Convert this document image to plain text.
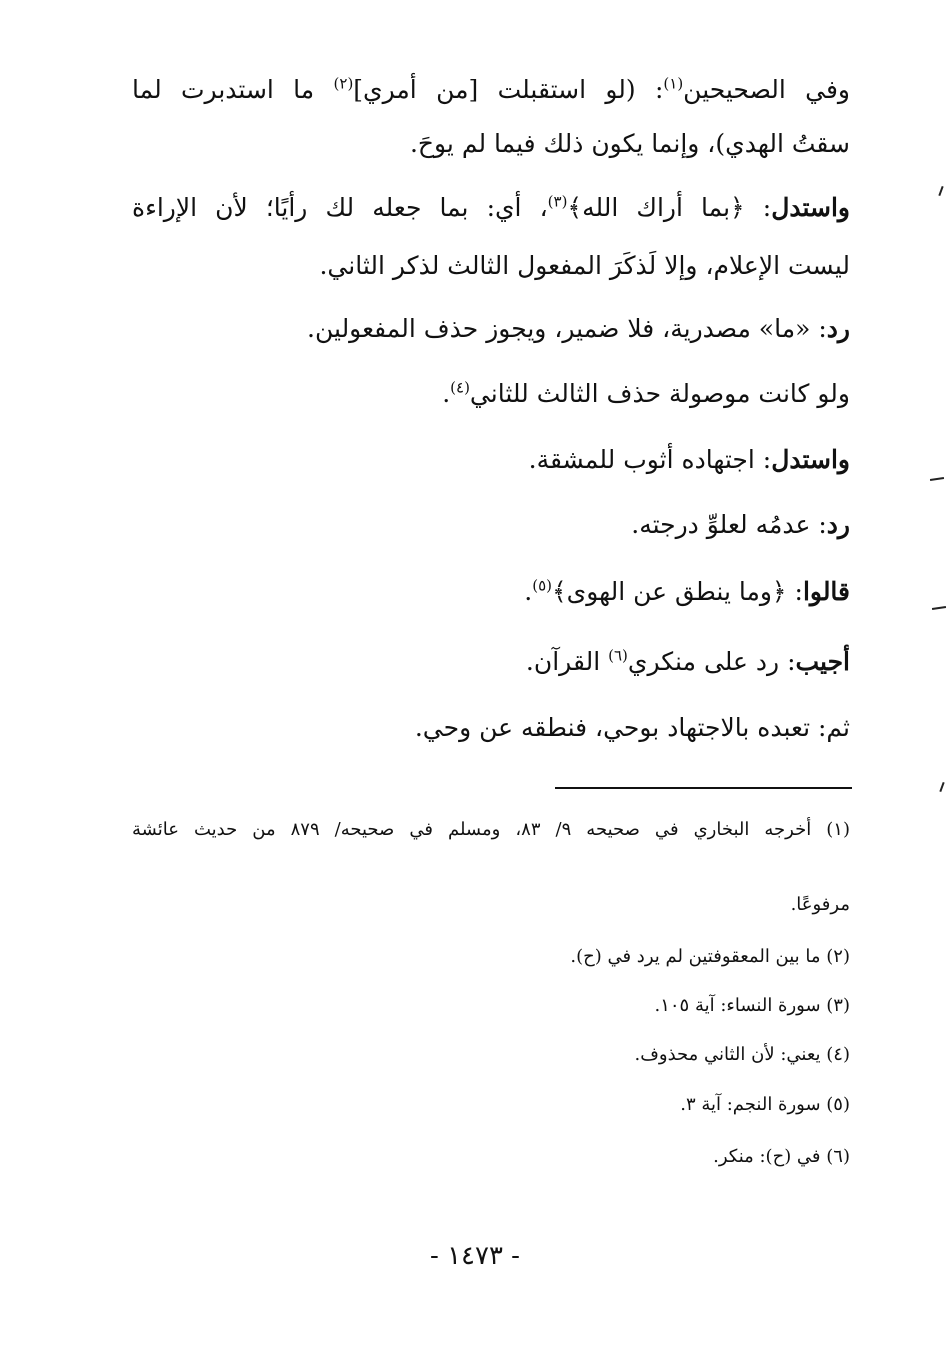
وفي الصحيحين$^{(١)}$: (لو استقبلت [من أمري]$^{(٢)}$ ما استدبرت لما
سقتُ الهدي)، وإنما يكون ذلك فيما لم يوحَ.
واستدل: ﴿بما أراك الله﴾$^{(٣)}$، أي: بما جعله لك رأيًا؛ لأن الإراءة
ليست الإعلام، وإلا لَذكَرَ المفعول الثالث لذكر الثاني.
رد: «ما» مصدرية، فلا ضمير، ويجوز حذف المفعولين.
ولو كانت موصولة حذف الثالث للثاني$^{(٤)}$.
واستدل: اجتهاده أثوب للمشقة.
رد: عدمُه لعلوِّ درجته.
قالوا: ﴿وما ينطق عن الهوى﴾$^{(٥)}$.
أجيب: رد على منكري$^{(٦)}$ القرآن.
ثم: تعبده بالاجتهاد بوحي، فنطقه عن وحي.
(١) أخرجه البخاري في صحيحه ٩/ ٨٣، ومسلم في صحيحه/ ٨٧٩ من حديث عائشة
مرفوعًا.
(٢) ما بين المعقوفتين لم يرد في (ح).
(٣) سورة النساء: آية ١٠٥.
(٤) يعني: لأن الثاني محذوف.
(٥) سورة النجم: آية ٣.
(٦) في (ح): منكر.
- ١٤٧٣ -
